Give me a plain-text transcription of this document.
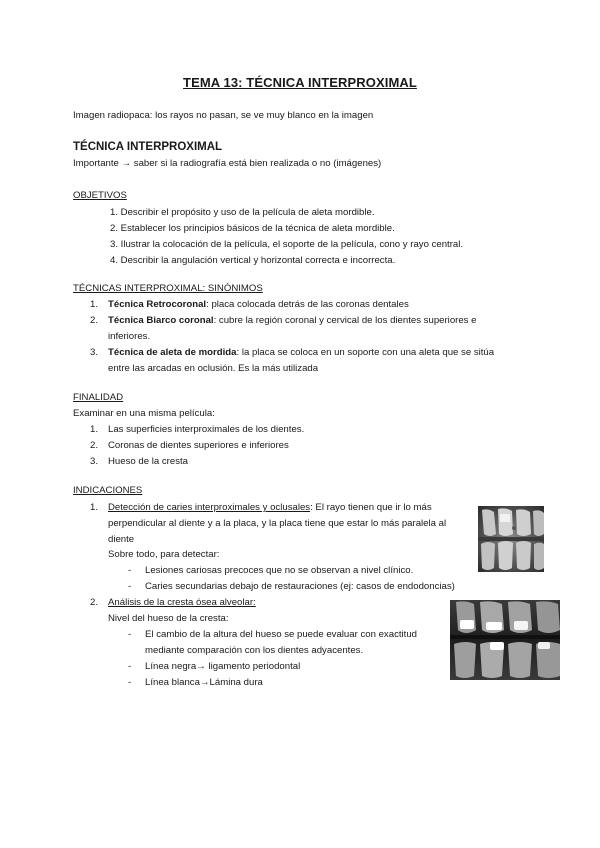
TEMA 13: TÉCNICA INTERPROXIMAL
Imagen radiopaca: los rayos no pasan, se ve muy blanco en la imagen
TÉCNICA INTERPROXIMAL
Importante → saber si la radiografía está bien realizada o no (imágenes)
OBJETIVOS
1. Describir el propósito y uso de la película de aleta mordible.
2. Establecer los principios básicos de la técnica de aleta mordible.
3. Ilustrar la colocación de la película, el soporte de la película, cono y rayo central.
4. Describir la angulación vertical y horizontal correcta e incorrecta.
TÉCNICAS INTERPROXIMAL: SINÓNIMOS
1. Técnica Retrocoronal: placa colocada detrás de las coronas dentales
2. Técnica Biarco coronal: cubre la región coronal y cervical de los dientes superiores e
inferiores.
3. Técnica de aleta de mordida: la placa se coloca en un soporte con una aleta que se sitúa
entre las arcadas en oclusión. Es la más utilizada
FINALIDAD
Examinar en una misma película:
1. Las superficies interproximales de los dientes.
2. Coronas de dientes superiores e inferiores
3. Hueso de la cresta
INDICACIONES
1. Detección de caries interproximales y oclusales: El rayo tienen que ir lo más
perpendicular al diente y a la placa, y la placa tiene que estar lo más paralela al
diente
Sobre todo, para detectar:
- Lesiones cariosas precoces que no se observan a nivel clínico.
- Caries secundarias debajo de restauraciones (ej: casos de endodoncias)
2. Análisis de la cresta ósea alveolar:
Nivel del hueso de la cresta:
- El cambio de la altura del hueso se puede evaluar con exactitud
mediante comparación con los dientes adyacentes.
- Línea negra→ ligamento periodontal
- Línea blanca→Lámina dura
